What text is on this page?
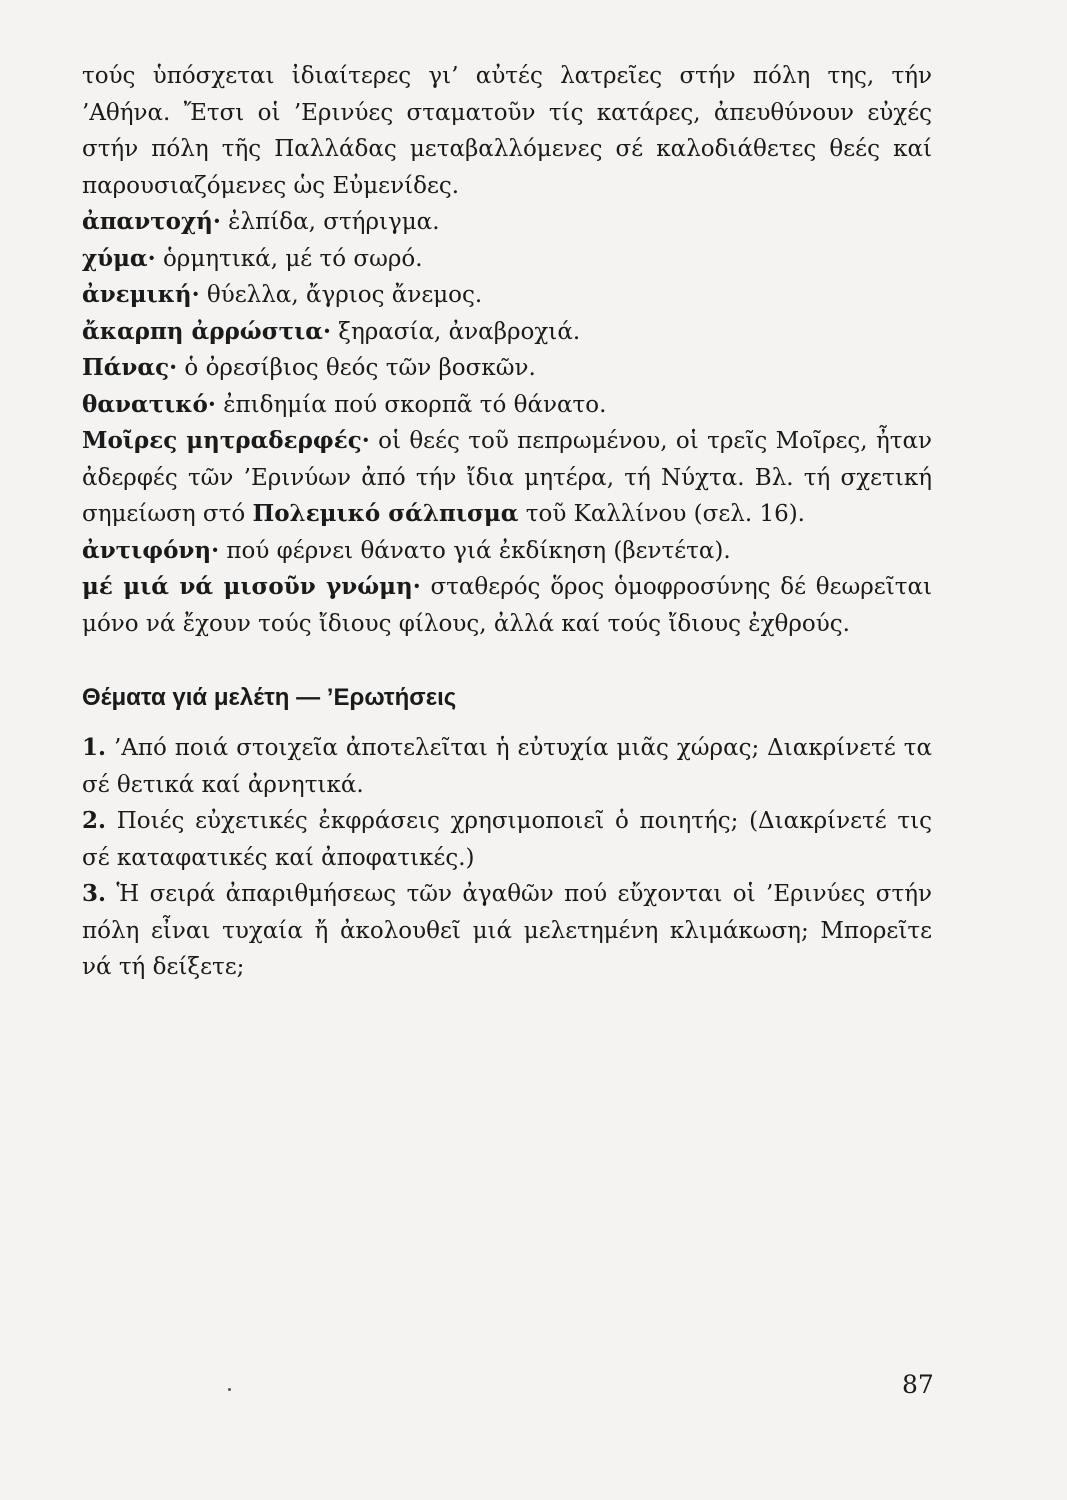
τούς ὑπόσχεται ἰδιαίτερες γι’ αὐτές λατρεῖες στήν πόλη της, τήν ’Αθήνα. Ἔτσι οἱ ’Ερινύες σταματοῦν τίς κατάρες, ἀπευθύνουν εὐχές στήν πόλη τῆς Παλλάδας μεταβαλλόμενες σέ καλοδιάθετες θεές καί παρουσιαζόμενες ὡς Εὐμενίδες.

ἀπαντοχή· ἐλπίδα, στήριγμα.

χύμα· ὁρμητικά, μέ τό σωρό.

ἀνεμική· θύελλα, ἄγριος ἄνεμος.

ἄκαρπη ἀρρώστια· ξηρασία, ἀναβροχιά.

Πάνας· ὁ ὀρεσίβιος θεός τῶν βοσκῶν.

θανατικό· ἐπιδημία πού σκορπᾶ τό θάνατο.

Μοῖρες μητραδερφές· οἱ θεές τοῦ πεπρωμένου, οἱ τρεῖς Μοῖρες, ἦταν ἀδερφές τῶν ’Ερινύων ἀπό τήν ἴδια μητέρα, τή Νύχτα. Βλ. τή σχετική σημείωση στό Πολεμικό σάλπισμα τοῦ Καλλίνου (σελ. 16).

ἀντιφόνη· πού φέρνει θάνατο γιά ἐκδίκηση (βεντέτα).

μέ μιά νά μισοῦν γνώμη· σταθερός ὅρος ὁμοφροσύνης δέ θεωρεῖται μόνο νά ἔχουν τούς ἴδιους φίλους, ἀλλά καί τούς ἴδιους ἐχθρούς.

Θέματα γιά μελέτη — ’Ερωτήσεις

1. ’Από ποιά στοιχεῖα ἀποτελεῖται ἡ εὐτυχία μιᾶς χώρας; Διακρίνετέ τα σέ θετικά καί ἀρνητικά.

2. Ποιές εὐχετικές ἐκφράσεις χρησιμοποιεῖ ὁ ποιητής; (Διακρίνετέ τις σέ καταφατικές καί ἀποφατικές.)

3. Ἡ σειρά ἀπαριθμήσεως τῶν ἀγαθῶν πού εὔχονται οἱ ’Ερινύες στήν πόλη εἶναι τυχαία ἤ ἀκολουθεῖ μιά μελετημένη κλιμάκωση; Μπορεῖτε νά τή δείξετε;

87
